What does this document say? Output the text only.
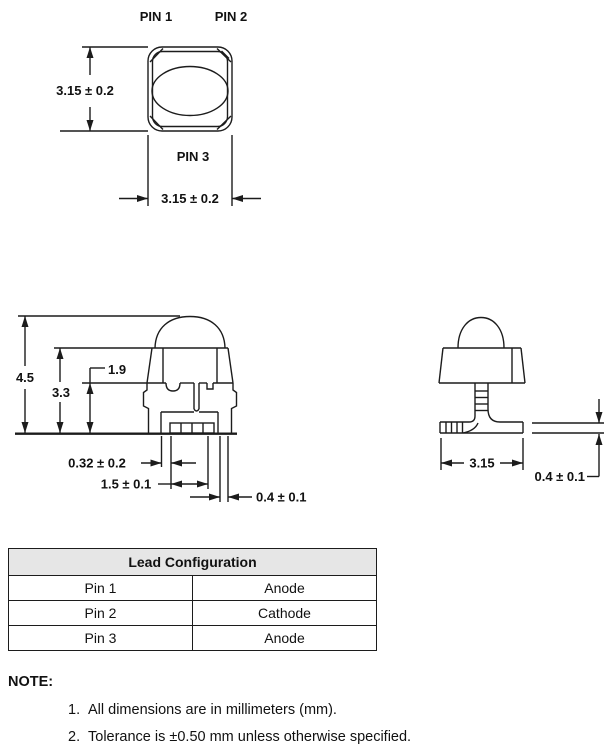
PIN 1	PIN 2
PIN 3
3.15 ± 0.2
3.15 ± 0.2
4.5
3.3
1.9
0.32 ± 0.2
1.5 ± 0.1
0.4 ± 0.1
3.15
0.4 ± 0.1
Lead Configuration	
Pin 1	Anode
Pin 2	Cathode
Pin 3	Anode
NOTE:
1. All dimensions are in millimeters (mm).
2. Tolerance is ±0.50 mm unless otherwise specified.
